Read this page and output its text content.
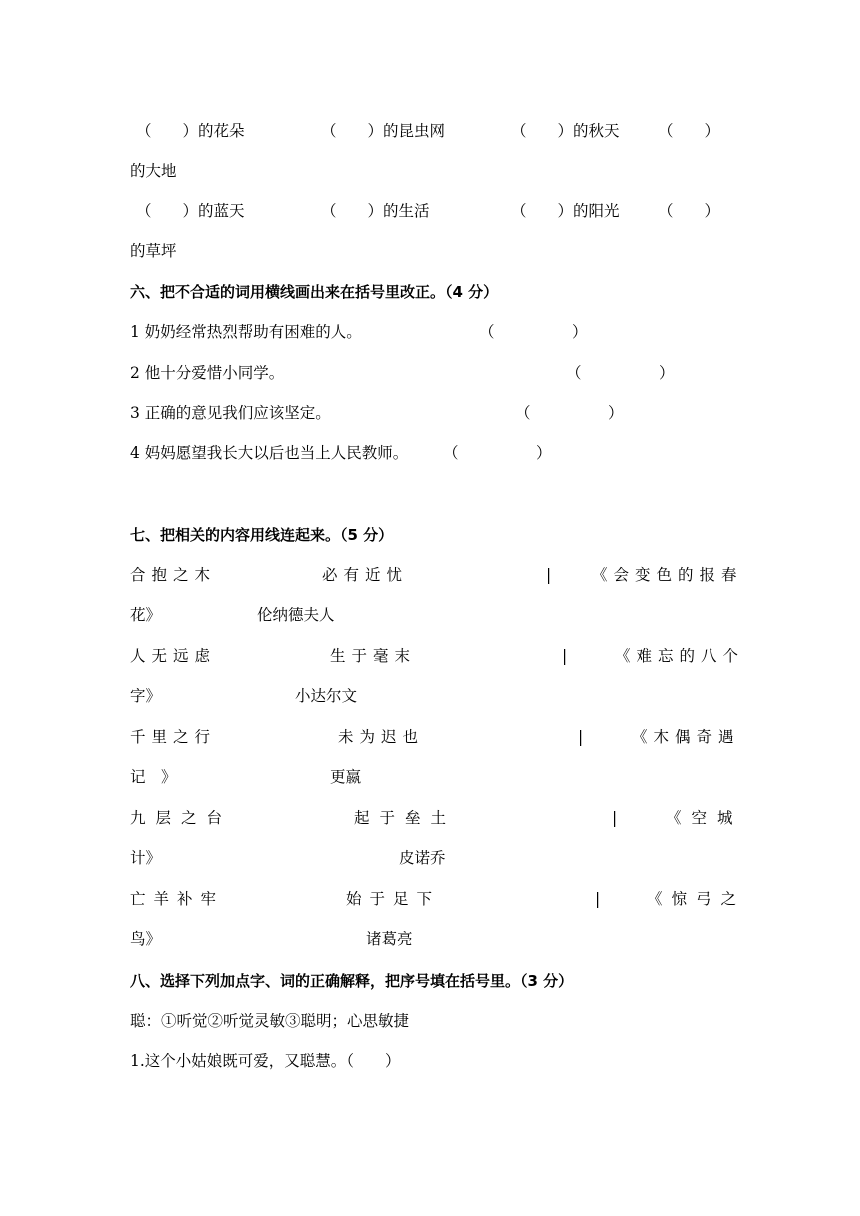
（　　）的花朵	（　　）的昆虫网	（　　）的秋天 （　　）
的大地
（　　）的蓝天	（　　）的生活	（　　）的阳光 （　　）
的草坪
六、把不合适的词用横线画出来在括号里改正。（4 分）
1 奶奶经常热烈帮助有困难的人。	（　　　　　）
2 他十分爱惜小同学。	（　　　　　）
3 正确的意见我们应该坚定。	（　　　　　）
4 妈妈愿望我长大以后也当上人民教师。 （　　　　　）
七、把相关的内容用线连起来。（5 分）
合抱之木	必有近忧	|	《会变色的报春
花》	伦纳德夫人
人无远虑	生于毫末	|	《难忘的八个
字》	小达尔文
千里之行	未为迟也	|	《木偶奇遇
记　》	更嬴
九层之台	起于垒土	|	《空城
计》	皮诺乔
亡羊补牢	始于足下	|	《惊弓之
鸟》	诸葛亮
八、选择下列加点字、词的正确解释，把序号填在括号里。（3 分）
聪：①听觉②听觉灵敏③聪明；心思敏捷
1.这个小姑娘既可爱，又聪慧。（　　）
